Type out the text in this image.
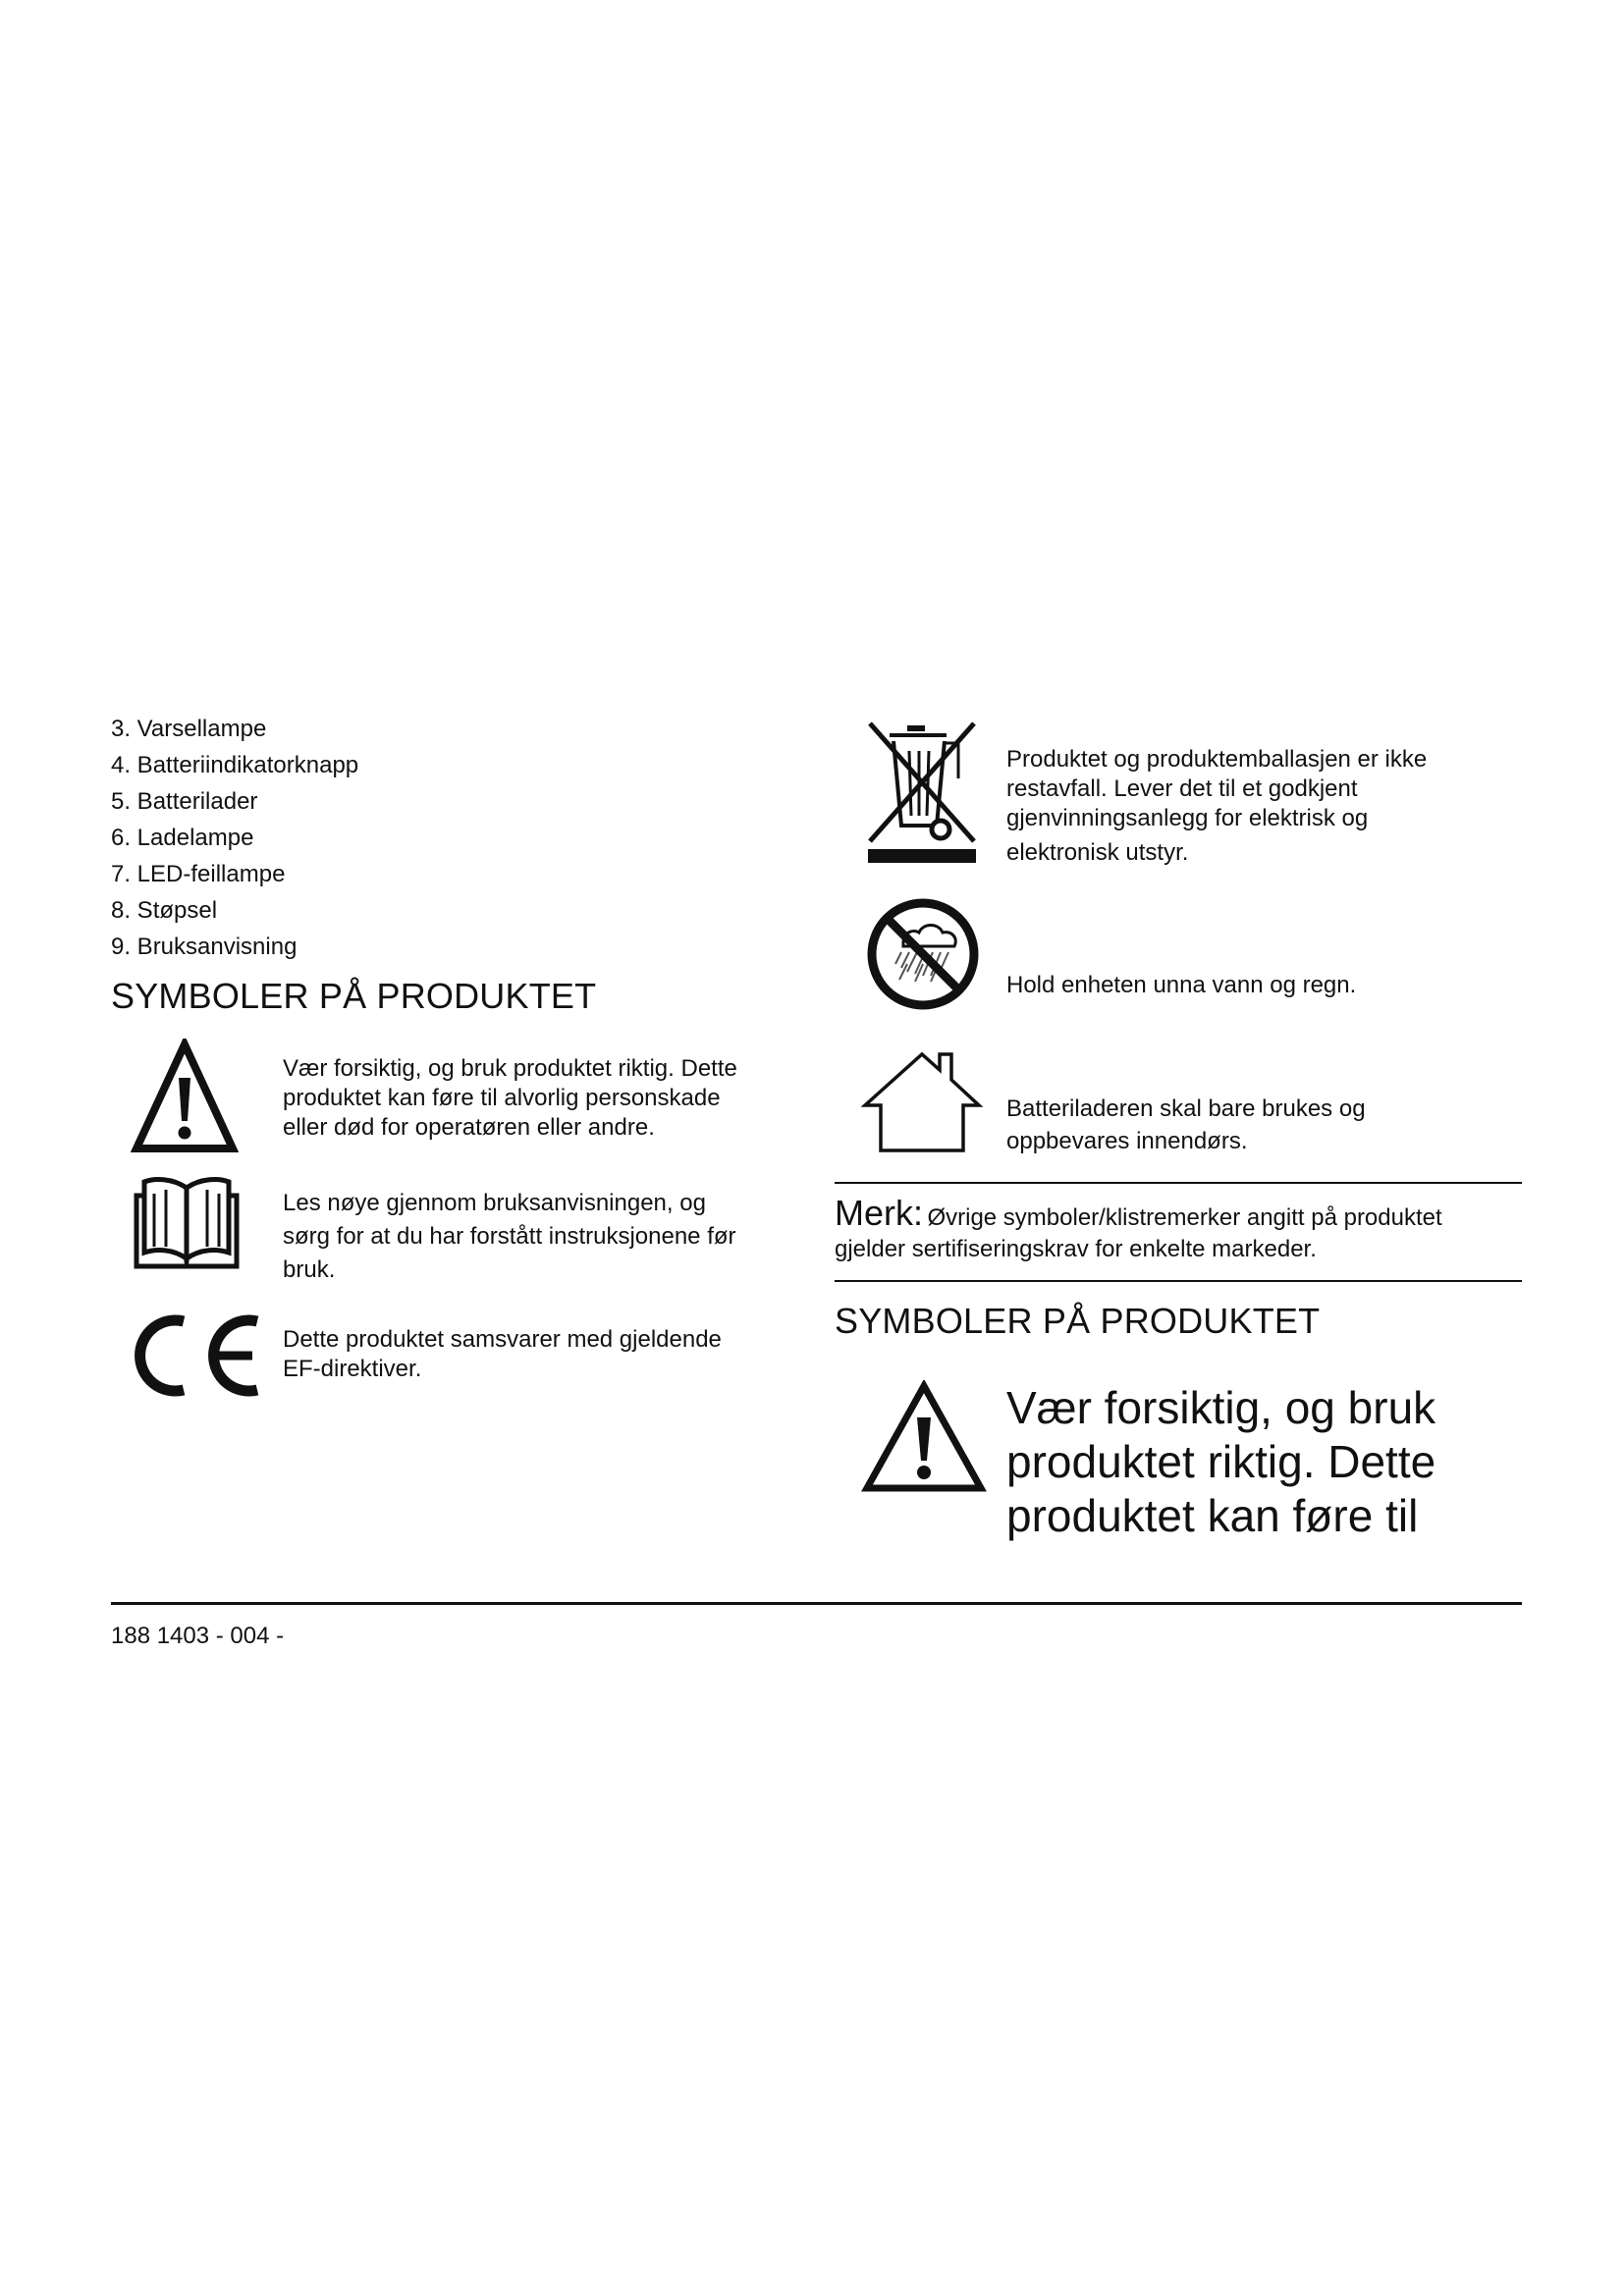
3. Varsellampe
4. Batteriindikatorknapp
5. Batterilader
6. Ladelampe
7. LED-feillampe
8. Støpsel
9. Bruksanvisning
SYMBOLER PÅ PRODUKTET
Vær forsiktig, og bruk produktet riktig. Dette
produktet kan føre til alvorlig personskade
eller død for operatøren eller andre.
Les nøye gjennom bruksanvisningen, og
sørg for at du har forstått instruksjonene før
bruk.
Dette produktet samsvarer med gjeldende
EF-direktiver.
Produktet og produktemballasjen er ikke
restavfall. Lever det til et godkjent
gjenvinningsanlegg for elektrisk og
elektronisk utstyr.
Hold enheten unna vann og regn.
Batteriladeren skal bare brukes og
oppbevares innendørs.
Merk: Øvrige symboler/klistremerker angitt på produktet
gjelder sertifiseringskrav for enkelte markeder.
SYMBOLER PÅ PRODUKTET
Vær forsiktig, og bruk
produktet riktig. Dette
produktet kan føre til
188 1403 - 004 -
